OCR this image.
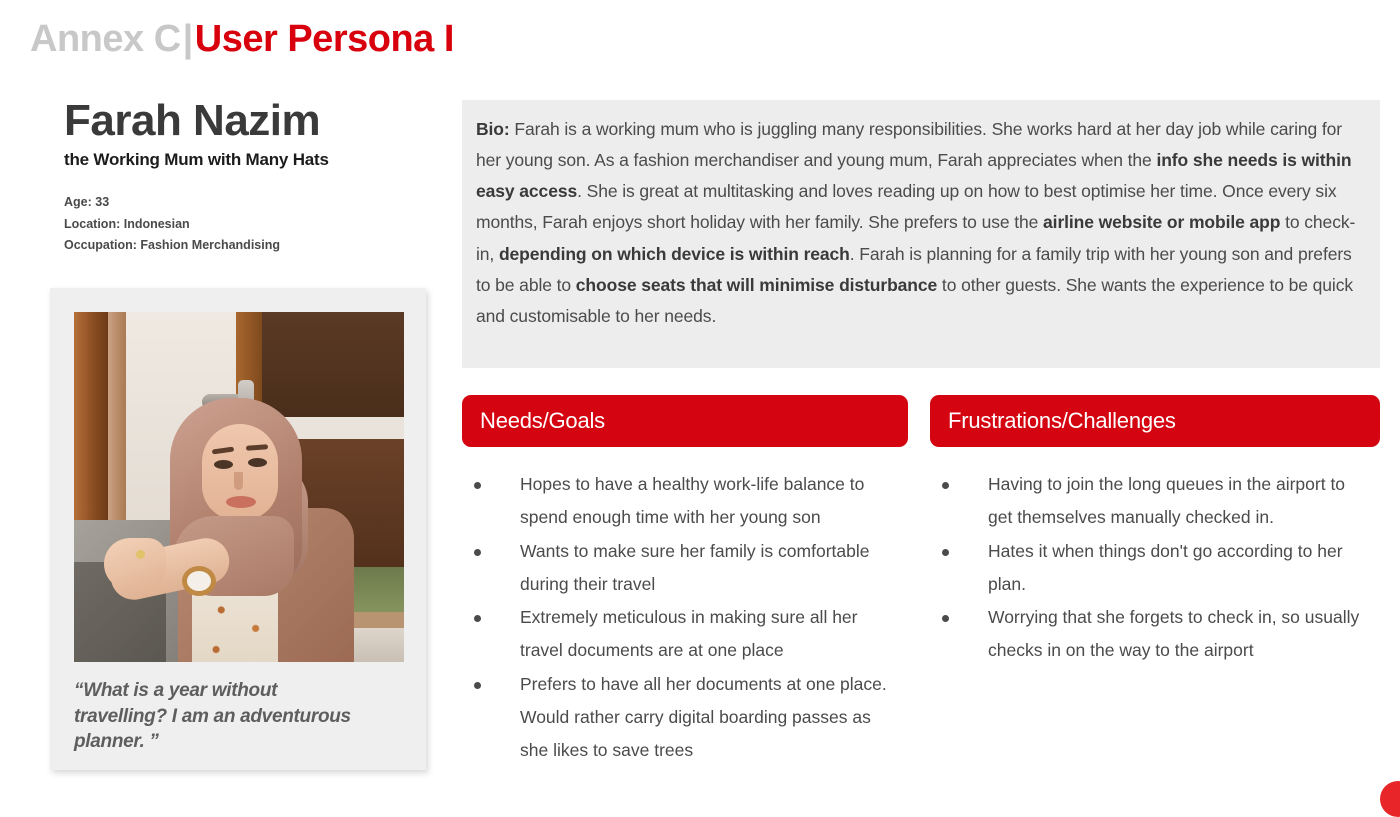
Annex C|User Persona I
Farah Nazim
the Working Mum with Many Hats
Age: 33
Location: Indonesian
Occupation: Fashion Merchandising
“What is a year without travelling? I am an adventurous planner. ”
Bio: Farah is a working mum who is juggling many responsibilities. She works hard at her day job while caring for her young son. As a fashion merchandiser and young mum, Farah appreciates when the info she needs is within easy access. She is great at multitasking and loves reading up on how to best optimise her time. Once every six months, Farah enjoys short holiday with her family. She prefers to use the airline website or mobile app to check-in, depending on which device is within reach. Farah is planning for a family trip with her young son and prefers to be able to choose seats that will minimise disturbance to other guests. She wants the experience to be quick and customisable to her needs.
Needs/Goals	Frustrations/Challenges
Hopes to have a healthy work-life balance to spend enough time with her young son
Wants to make sure her family is comfortable during their travel
Extremely meticulous in making sure all her travel documents are at one place
Prefers to have all her documents at one place. Would rather carry digital boarding passes as she likes to save trees
Having to join the long queues in the airport to get themselves manually checked in.
Hates it when things don't go according to her plan.
Worrying that she forgets to check in, so usually checks in on the way to the airport
